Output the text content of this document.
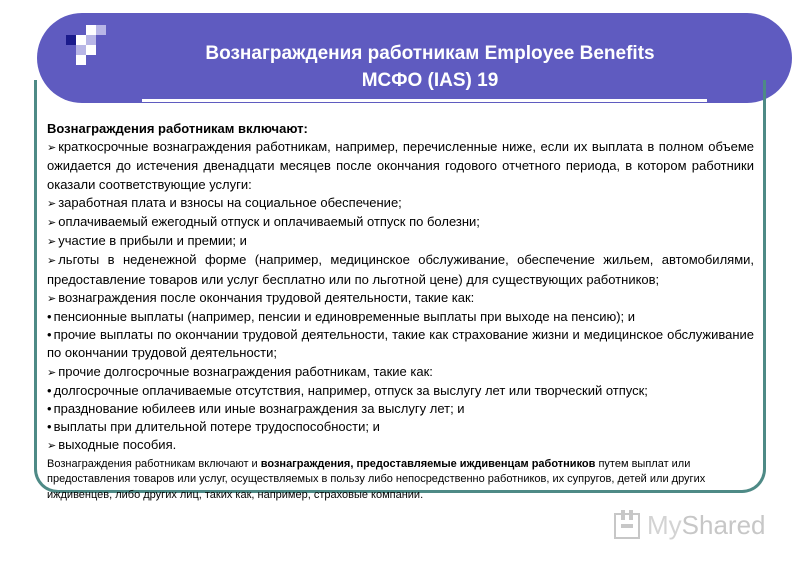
Вознаграждения работникам Employee Benefits
МСФО (IAS) 19
Вознаграждения работникам включают:
➢ краткосрочные вознаграждения работникам, например, перечисленные ниже, если их выплата в полном объеме ожидается до истечения двенадцати месяцев после окончания годового отчетного периода, в котором работники оказали соответствующие услуги:
➢ заработная плата и взносы на социальное обеспечение;
➢ оплачиваемый ежегодный отпуск и оплачиваемый отпуск по болезни;
➢ участие в прибыли и премии; и
➢ льготы в неденежной форме (например, медицинское обслуживание, обеспечение жильем, автомобилями, предоставление товаров или услуг бесплатно или по льготной цене) для существующих работников;
➢ вознаграждения после окончания трудовой деятельности, такие как:
• пенсионные выплаты (например, пенсии и единовременные выплаты при выходе на пенсию); и
• прочие выплаты по окончании трудовой деятельности, такие как страхование жизни и медицинское обслуживание по окончании трудовой деятельности;
➢ прочие долгосрочные вознаграждения работникам, такие как:
• долгосрочные оплачиваемые отсутствия, например, отпуск за выслугу лет или творческий отпуск;
• празднование юбилеев или иные вознаграждения за выслугу лет; и
• выплаты при длительной потере трудоспособности; и
➢ выходные пособия.
Вознаграждения работникам включают и вознаграждения, предоставляемые иждивенцам работников путем выплат или предоставления товаров или услуг, осуществляемых в пользу либо непосредственно работников, их супругов, детей или других иждивенцев, либо других лиц, таких как, например, страховые компании.
MyShared
